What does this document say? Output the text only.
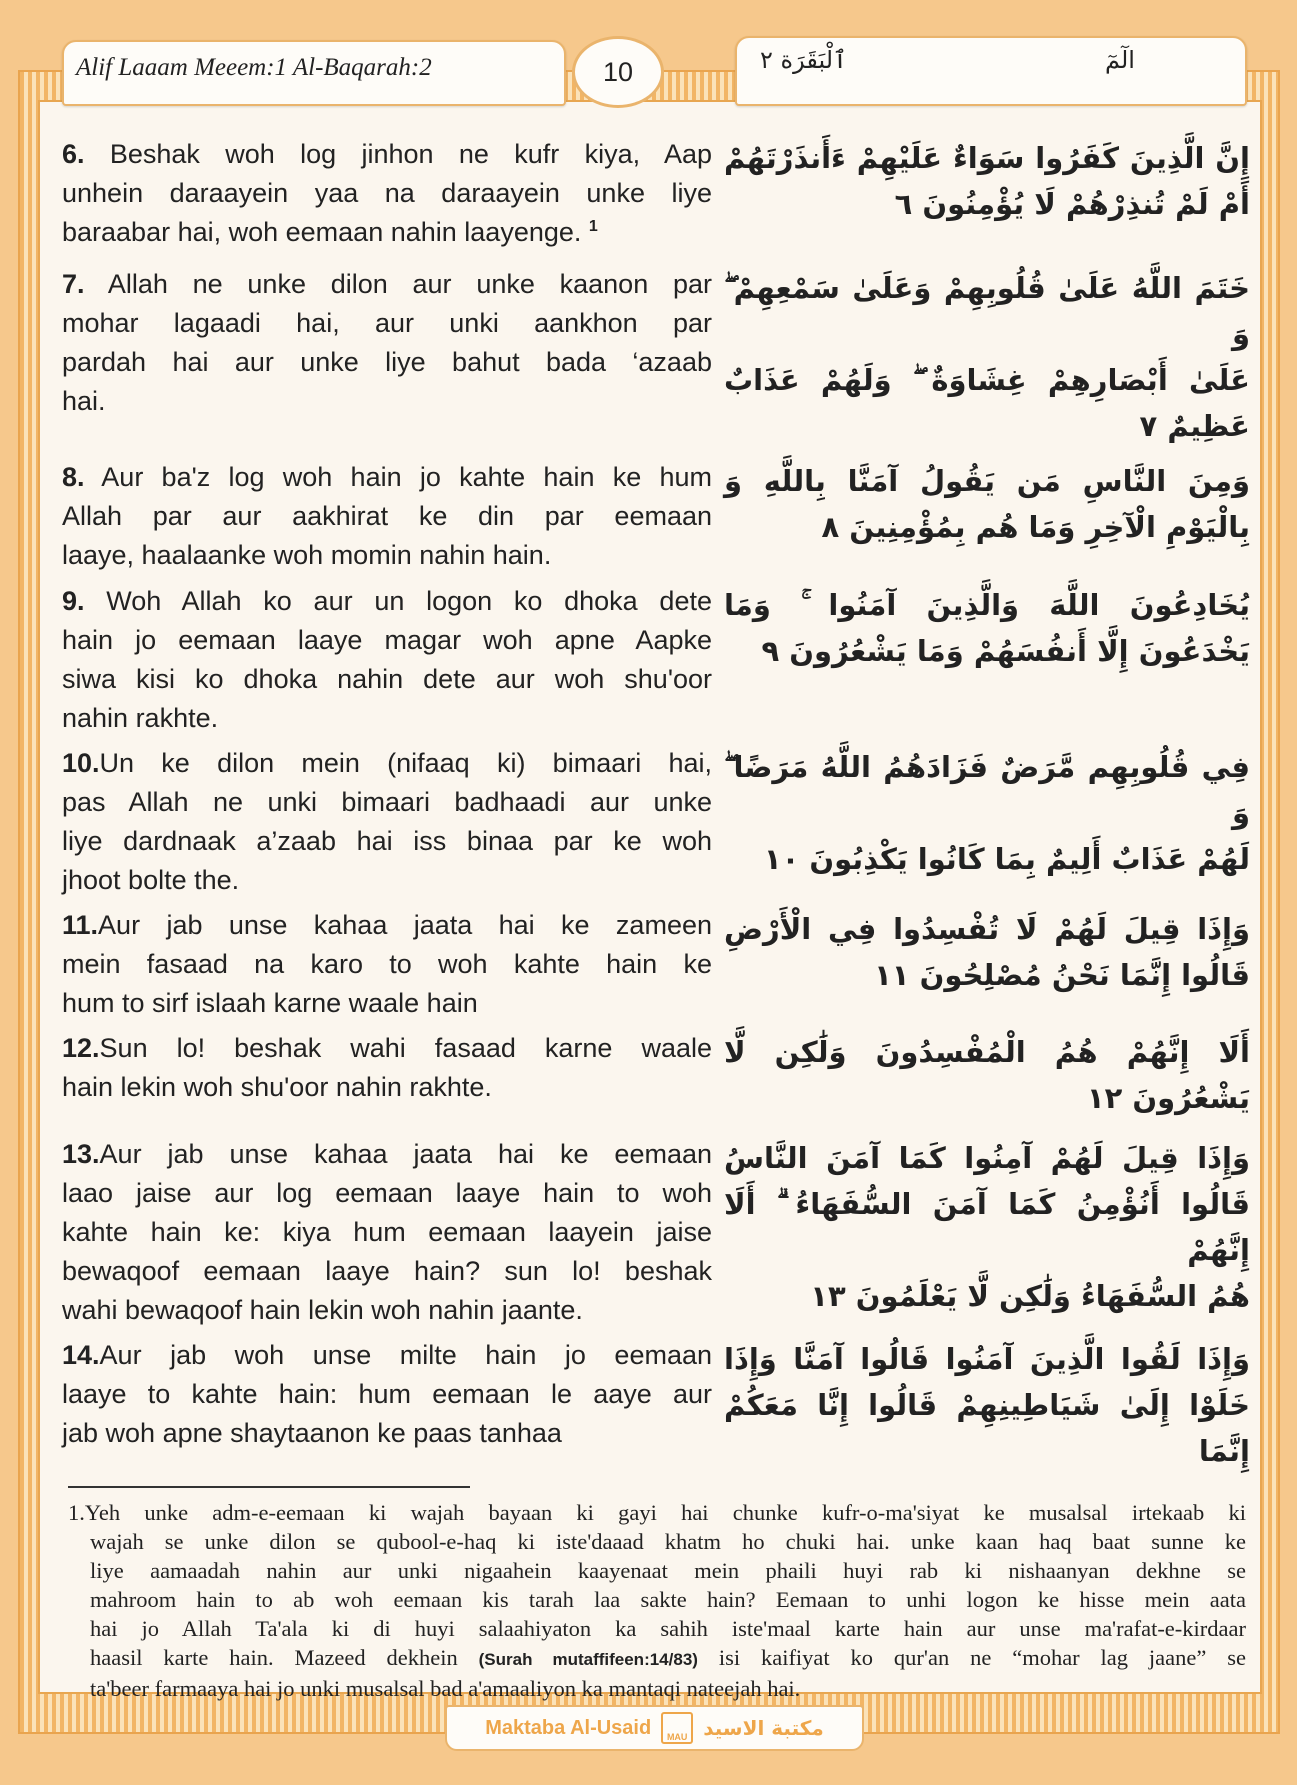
Alif Laaam Meeem:1 Al-Baqarah:2	10	ٱلْبَقَرَة ٢	الٓمٓ
6. Beshak woh log jinhon ne kufr kiya, Aap
unhein daraayein yaa na daraayein unke liye
baraabar hai, woh eemaan nahin laayenge. $^1$
إِنَّ الَّذِينَ كَفَرُوا سَوَاءٌ عَلَيْهِمْ ءَأَنذَرْتَهُمْ
أَمْ لَمْ تُنذِرْهُمْ لَا يُؤْمِنُونَ ٦
7. Allah ne unke dilon aur unke kaanon par
mohar lagaadi hai, aur unki aankhon par
pardah hai aur unke liye bahut bada ‘azaab
hai.
خَتَمَ اللَّهُ عَلَىٰ قُلُوبِهِمْ وَعَلَىٰ سَمْعِهِمْ ۖ وَ
عَلَىٰ أَبْصَارِهِمْ غِشَاوَةٌ ۖ وَلَهُمْ عَذَابٌ
عَظِيمٌ ٧
8. Aur ba'z log woh hain jo kahte hain ke hum
Allah par aur aakhirat ke din par eemaan
laaye, haalaanke woh momin nahin hain.
وَمِنَ النَّاسِ مَن يَقُولُ آمَنَّا بِاللَّهِ وَ
بِالْيَوْمِ الْآخِرِ وَمَا هُم بِمُؤْمِنِينَ ٨
9. Woh Allah ko aur un logon ko dhoka dete
hain jo eemaan laaye magar woh apne Aapke
siwa kisi ko dhoka nahin dete aur woh shu'oor
nahin rakhte.
يُخَادِعُونَ اللَّهَ وَالَّذِينَ آمَنُوا ۚ وَمَا
يَخْدَعُونَ إِلَّا أَنفُسَهُمْ وَمَا يَشْعُرُونَ ٩
10.Un ke dilon mein (nifaaq ki) bimaari hai,
pas Allah ne unki bimaari badhaadi aur unke
liye dardnaak a’zaab hai iss binaa par ke woh
jhoot bolte the.
فِي قُلُوبِهِم مَّرَضٌ فَزَادَهُمُ اللَّهُ مَرَضًا ۖ وَ
لَهُمْ عَذَابٌ أَلِيمٌ بِمَا كَانُوا يَكْذِبُونَ ١٠
11.Aur jab unse kahaa jaata hai ke zameen
mein fasaad na karo to woh kahte hain ke
hum to sirf islaah karne waale hain
وَإِذَا قِيلَ لَهُمْ لَا تُفْسِدُوا فِي الْأَرْضِ
قَالُوا إِنَّمَا نَحْنُ مُصْلِحُونَ ١١
12.Sun lo! beshak wahi fasaad karne waale
hain lekin woh shu'oor nahin rakhte.
أَلَا إِنَّهُمْ هُمُ الْمُفْسِدُونَ وَلَٰكِن لَّا
يَشْعُرُونَ ١٢
13.Aur jab unse kahaa jaata hai ke eemaan
laao jaise aur log eemaan laaye hain to woh
kahte hain ke: kiya hum eemaan laayein jaise
bewaqoof eemaan laaye hain? sun lo! beshak
wahi bewaqoof hain lekin woh nahin jaante.
وَإِذَا قِيلَ لَهُمْ آمِنُوا كَمَا آمَنَ النَّاسُ
قَالُوا أَنُؤْمِنُ كَمَا آمَنَ السُّفَهَاءُ ۗ أَلَا إِنَّهُمْ
هُمُ السُّفَهَاءُ وَلَٰكِن لَّا يَعْلَمُونَ ١٣
14.Aur jab woh unse milte hain jo eemaan
laaye to kahte hain: hum eemaan le aaye aur
jab woh apne shaytaanon ke paas tanhaa
وَإِذَا لَقُوا الَّذِينَ آمَنُوا قَالُوا آمَنَّا وَإِذَا
خَلَوْا إِلَىٰ شَيَاطِينِهِمْ قَالُوا إِنَّا مَعَكُمْ إِنَّمَا
1.Yeh unke adm-e-eemaan ki wajah bayaan ki gayi hai chunke kufr-o-ma'siyat ke musalsal irtekaab ki
wajah se unke dilon se qubool-e-haq ki iste'daaad khatm ho chuki hai. unke kaan haq baat sunne ke
liye aamaadah nahin aur unki nigaahein kaayenaat mein phaili huyi rab ki nishaanyan dekhne se
mahroom hain to ab woh eemaan kis tarah laa sakte hain? Eemaan to unhi logon ke hisse mein aata
hai jo Allah Ta'ala ki di huyi salaahiyaton ka sahih iste'maal karte hain aur unse ma'rafat-e-kirdaar
haasil karte hain. Mazeed dekhein (Surah mutaffifeen:14/83) isi kaifiyat ko qur'an ne “mohar lag jaane” se
ta'beer farmaaya hai jo unki musalsal bad a'amaaliyon ka mantaqi nateejah hai.
Maktaba Al-Usaid	MAU مكتبة الاسيد
